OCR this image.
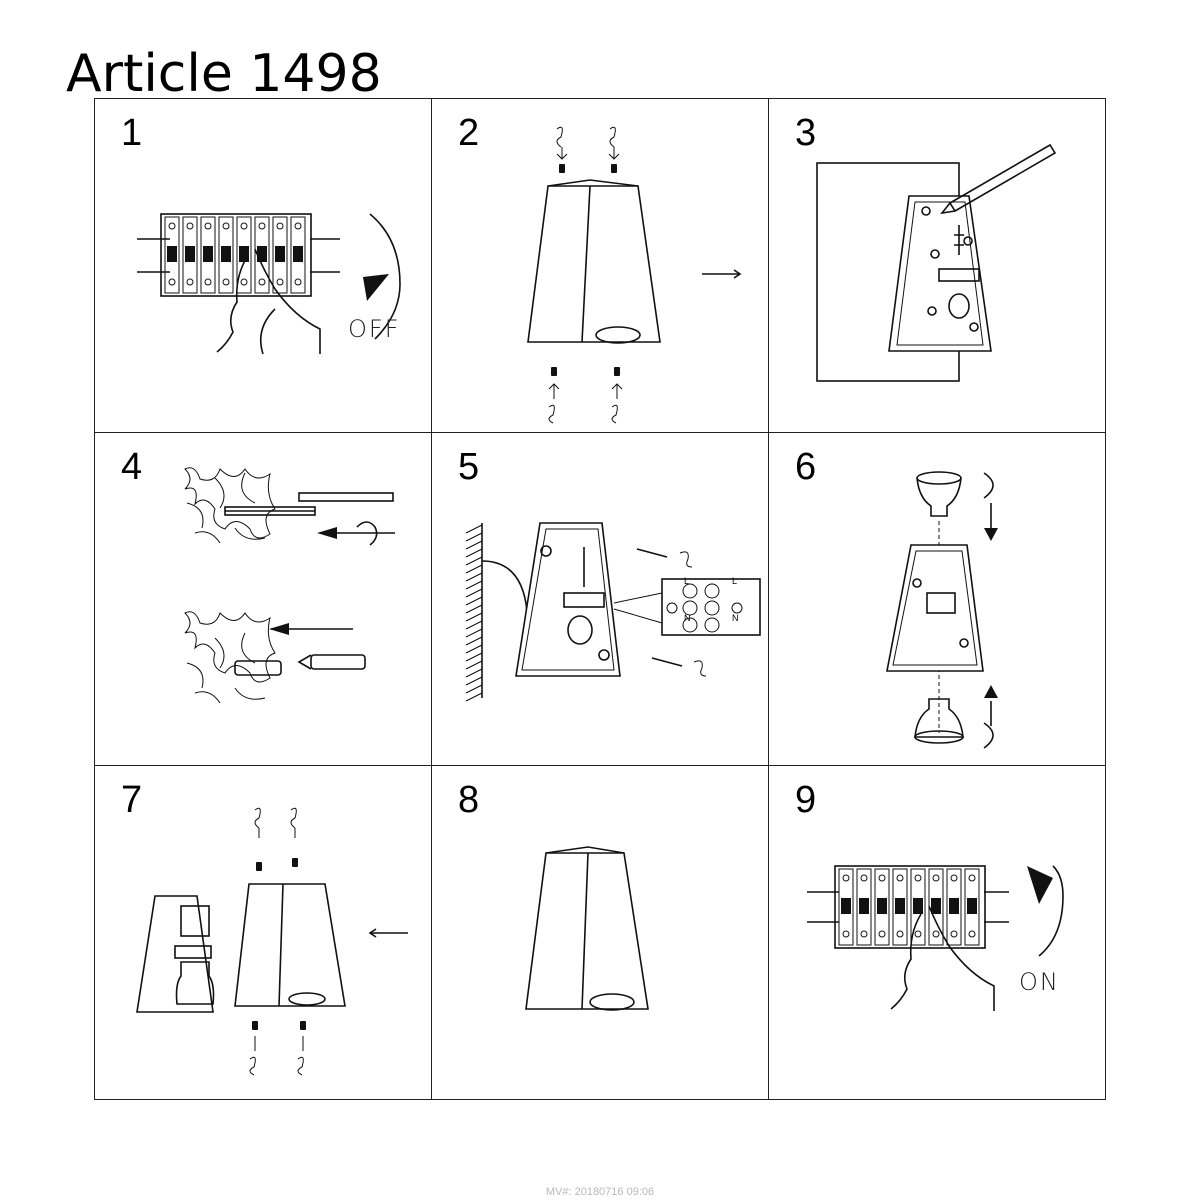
Article 1498
1
OFF
2	3
4	5
L	L
N	N
6
7	8	9
ON
MV#: 20180716 09:06
